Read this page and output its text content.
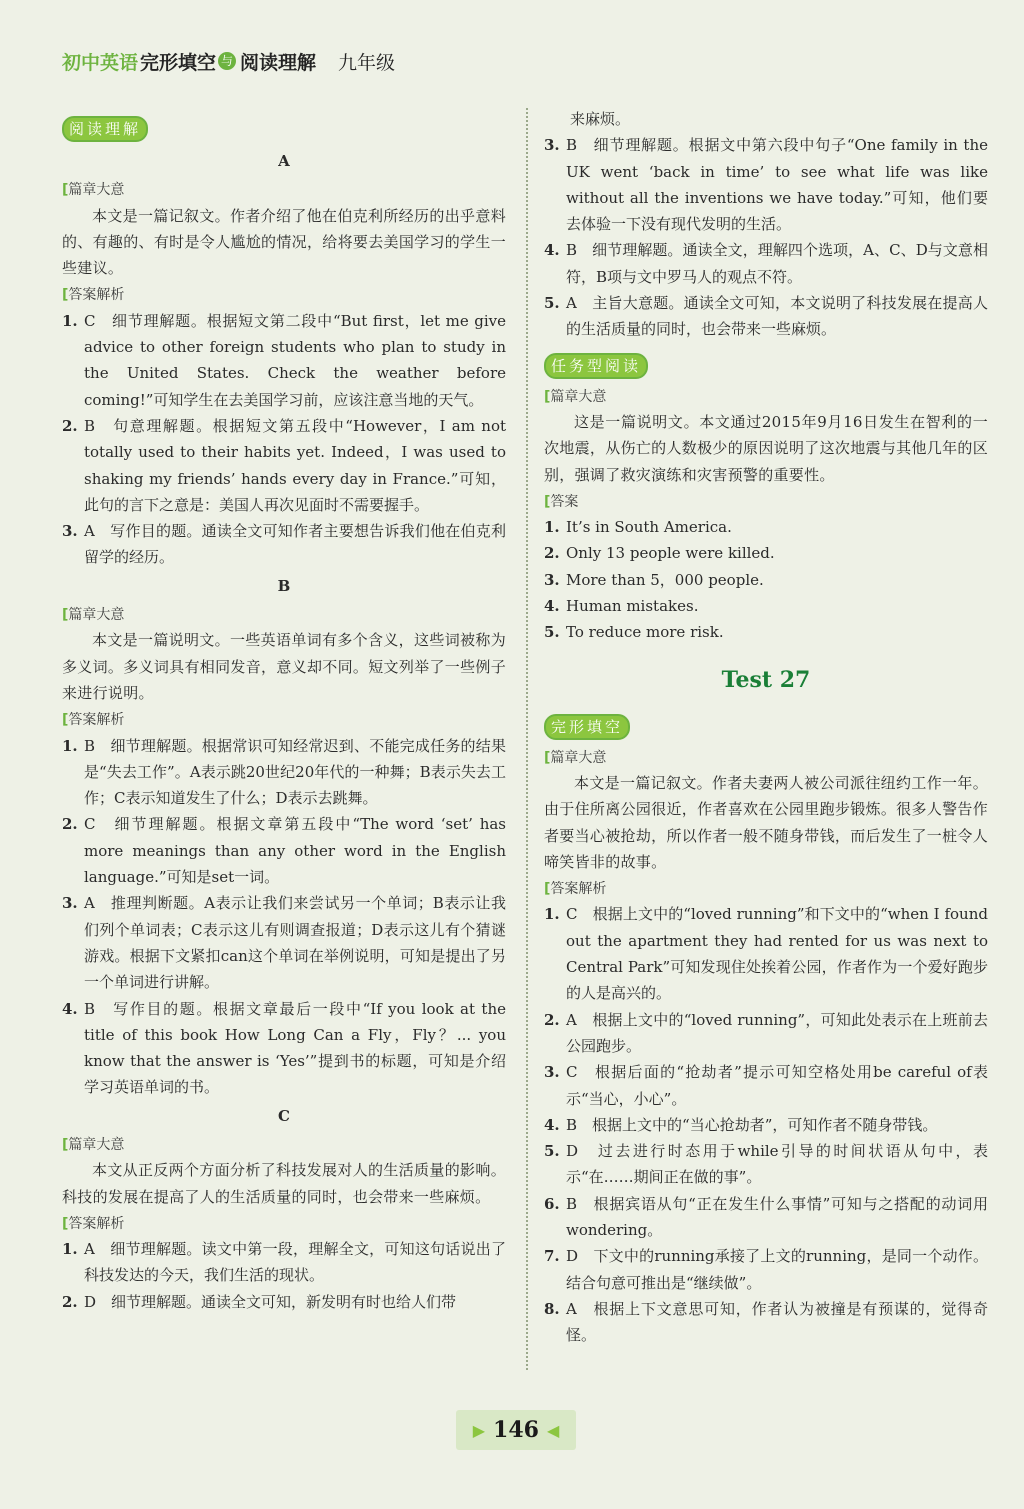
初中英语 完形填空 与 阅读理解 九年级
阅读理解
A
[篇章大意

本文是一篇记叙文。作者介绍了他在伯克利所经历的出乎意料的、有趣的、有时是令人尴尬的情况，给将要去美国学习的学生一些建议。

[答案解析
1. C　细节理解题。根据短文第二段中“But first，let me give advice to other foreign students who plan to study in the United States. Check the weather before coming!”可知学生在去美国学习前，应该注意当地的天气。
2. B　句意理解题。根据短文第五段中“However，I am not totally used to their habits yet. Indeed，I was used to shaking my friends’ hands every day in France.”可知，此句的言下之意是：美国人再次见面时不需要握手。
3. A　写作目的题。通读全文可知作者主要想告诉我们他在伯克利留学的经历。
B
[篇章大意

本文是一篇说明文。一些英语单词有多个含义，这些词被称为多义词。多义词具有相同发音，意义却不同。短文列举了一些例子来进行说明。

[答案解析
1. B　细节理解题。根据常识可知经常迟到、不能完成任务的结果是“失去工作”。A表示跳20世纪20年代的一种舞；B表示失去工作；C表示知道发生了什么；D表示去跳舞。
2. C　细节理解题。根据文章第五段中“The word ‘set’ has more meanings than any other word in the English language.”可知是set一词。
3. A　推理判断题。A表示让我们来尝试另一个单词；B表示让我们列个单词表；C表示这儿有则调查报道；D表示这儿有个猜谜游戏。根据下文紧扣can这个单词在举例说明，可知是提出了另一个单词进行讲解。
4. B　写作目的题。根据文章最后一段中“If you look at the title of this book How Long Can a Fly，Fly？... you know that the answer is ‘Yes’”提到书的标题，可知是介绍学习英语单词的书。
C
[篇章大意

本文从正反两个方面分析了科技发展对人的生活质量的影响。科技的发展在提高了人的生活质量的同时，也会带来一些麻烦。

[答案解析
1. A　细节理解题。读文中第一段，理解全文，可知这句话说出了科技发达的今天，我们生活的现状。
2. D　细节理解题。通读全文可知，新发明有时也给人们带

来麻烦。

3. B　细节理解题。根据文中第六段中句子“One family in the UK went ‘back in time’ to see what life was like without all the inventions we have today.”可知，他们要去体验一下没有现代发明的生活。
4. B　细节理解题。通读全文，理解四个选项，A、C、D与文意相符，B项与文中罗马人的观点不符。
5. A　主旨大意题。通读全文可知，本文说明了科技发展在提高人的生活质量的同时，也会带来一些麻烦。
任务型阅读
[篇章大意

这是一篇说明文。本文通过2015年9月16日发生在智利的一次地震，从伤亡的人数极少的原因说明了这次地震与其他几年的区别，强调了救灾演练和灾害预警的重要性。

[答案
1. It’s in South America.
2. Only 13 people were killed.
3. More than 5，000 people.
4. Human mistakes.
5. To reduce more risk.
Test 27
完形填空
[篇章大意

本文是一篇记叙文。作者夫妻两人被公司派往纽约工作一年。由于住所离公园很近，作者喜欢在公园里跑步锻炼。很多人警告作者要当心被抢劫，所以作者一般不随身带钱，而后发生了一桩令人啼笑皆非的故事。

[答案解析
1. C　根据上文中的“loved running”和下文中的“when I found out the apartment they had rented for us was next to Central Park”可知发现住处挨着公园，作者作为一个爱好跑步的人是高兴的。
2. A　根据上文中的“loved running”，可知此处表示在上班前去公园跑步。
3. C　根据后面的“抢劫者”提示可知空格处用be careful of表示“当心，小心”。
4. B　根据上文中的“当心抢劫者”，可知作者不随身带钱。
5. D　过去进行时态用于while引导的时间状语从句中，表示“在……期间正在做的事”。
6. B　根据宾语从句“正在发生什么事情”可知与之搭配的动词用wondering。
7. D　下文中的running承接了上文的running，是同一个动作。结合句意可推出是“继续做”。
8. A　根据上下文意思可知，作者认为被撞是有预谋的，觉得奇怪。
▶ 146 ◀
